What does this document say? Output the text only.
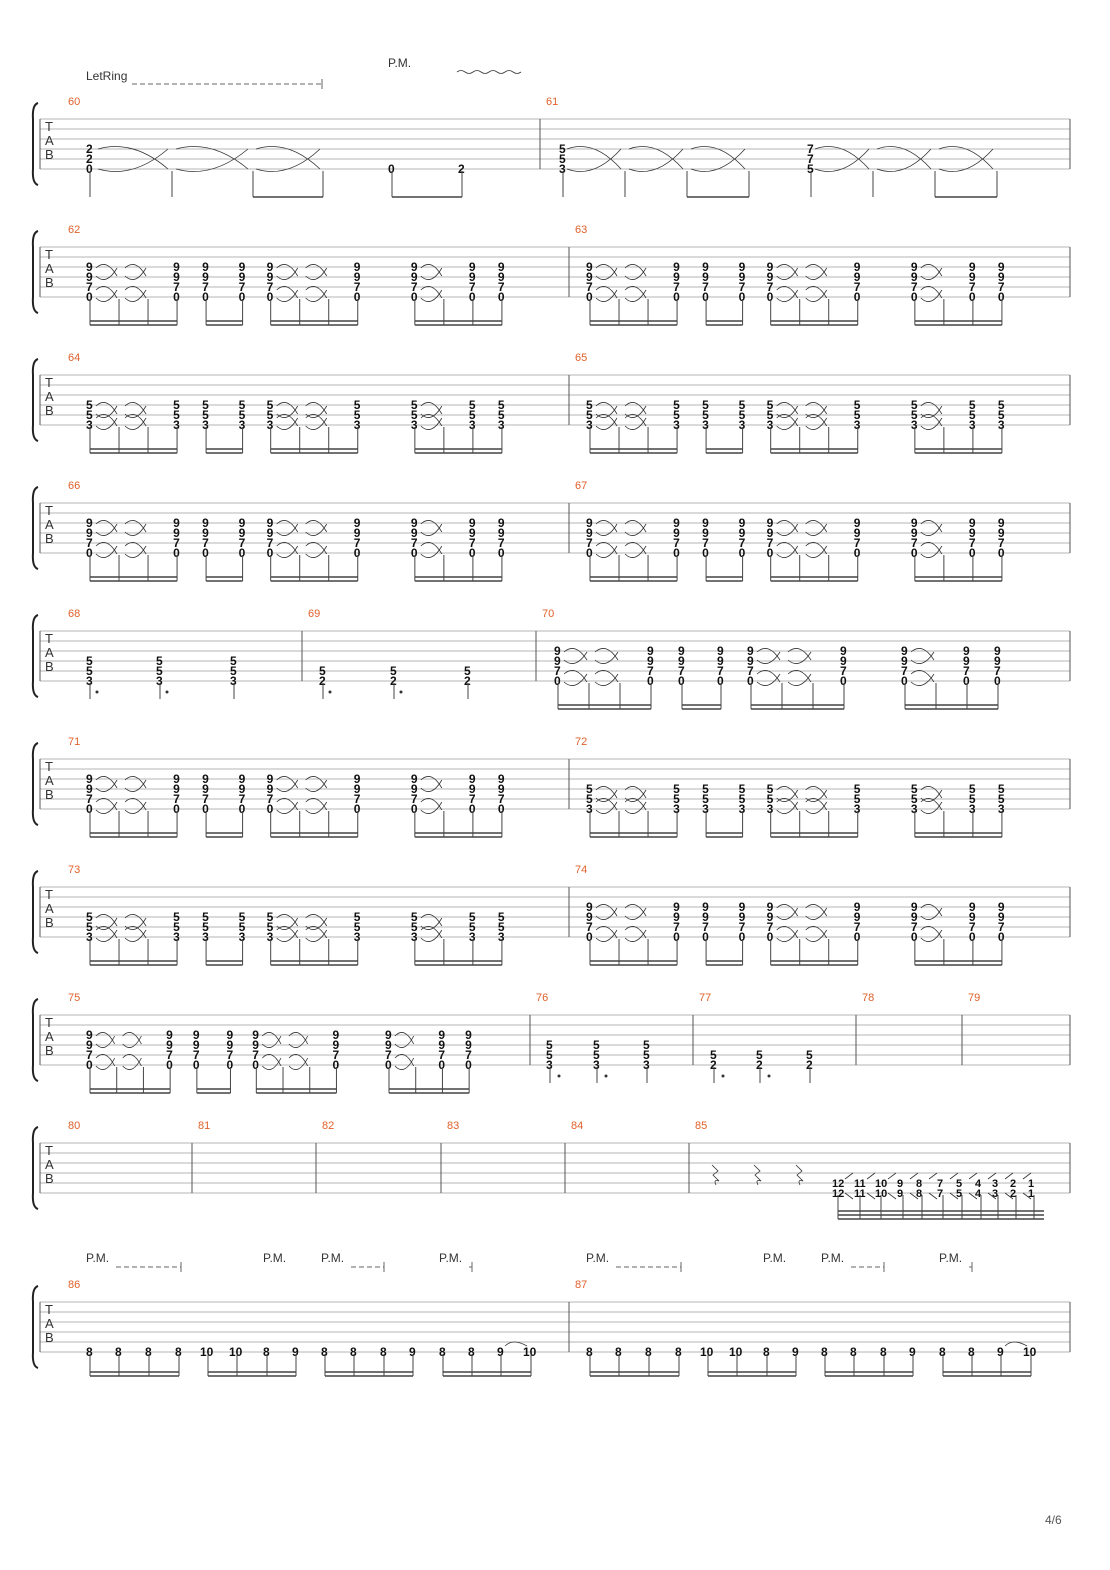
T
A
B
60	61
2
2
0	0	2
5
5
3
7
7
5
LetRing
P.M.
T
A
B
62	63
9
9
7
0
9
9
7
0
9
9
7
0
9
9
7
0
9
9
7
0
9
9
7
0
9
9
7
0
9
9
7
0
9
9
7
0
9
9
7
0
9
9
7
0
9
9
7
0
9
9
7
0
9
9
7
0
9
9
7
0
9
9
7
0
9
9
7
0
9
9
7
0
T
A
B
64	65
5
5
3
5
5
3
5
5
3
5
5
3
5
5
3
5
5
3
5
5
3
5
5
3
5
5
3
5
5
3
5
5
3
5
5
3
5
5
3
5
5
3
5
5
3
5
5
3
5
5
3
5
5
3
T
A
B
66	67
9
9
7
0
9
9
7
0
9
9
7
0
9
9
7
0
9
9
7
0
9
9
7
0
9
9
7
0
9
9
7
0
9
9
7
0
9
9
7
0
9
9
7
0
9
9
7
0
9
9
7
0
9
9
7
0
9
9
7
0
9
9
7
0
9
9
7
0
9
9
7
0
T
A
B
68	69	70
5
5
3
5
5
3
5
5
3
5
2
5
2
5
2
9
9
7
0
9
9
7
0
9
9
7
0
9
9
7
0
9
9
7
0
9
9
7
0
9
9
7
0
9
9
7
0
9
9
7
0
T
A
B
71	72
9
9
7
0
9
9
7
0
9
9
7
0
9
9
7
0
9
9
7
0
9
9
7
0
9
9
7
0
9
9
7
0
9
9
7
0
5
5
3
5
5
3
5
5
3
5
5
3
5
5
3
5
5
3
5
5
3
5
5
3
5
5
3
T
A
B
73	74
5
5
3
5
5
3
5
5
3
5
5
3
5
5
3
5
5
3
5
5
3
5
5
3
5
5
3
9
9
7
0
9
9
7
0
9
9
7
0
9
9
7
0
9
9
7
0
9
9
7
0
9
9
7
0
9
9
7
0
9
9
7
0
T
A
B
75	76	77	78	79
9
9
7
0
9
9
7
0
9
9
7
0
9
9
7
0
9
9
7
0
9
9
7
0
9
9
7
0
9
9
7
0
9
9
7
0
5
5
3
5
5
3
5
5
3
5
2
5
2
5
2
T
A
B
80	81	82	83	84	85
12
12
11
11
10
10
9
9
8
8
7
7
5
5
4
4
3
3
2
2
1
1
T
A
B
86	87
8 8 8 8 10 10 8 9 8 8 8 9 8 8 9 10
P.M.	P.M.	P.M.	P.M.
8 8 8 8 10 10 8 9 8 8 8 9 8 8 9 10
P.M.	P.M.	P.M.	P.M.
4/6
